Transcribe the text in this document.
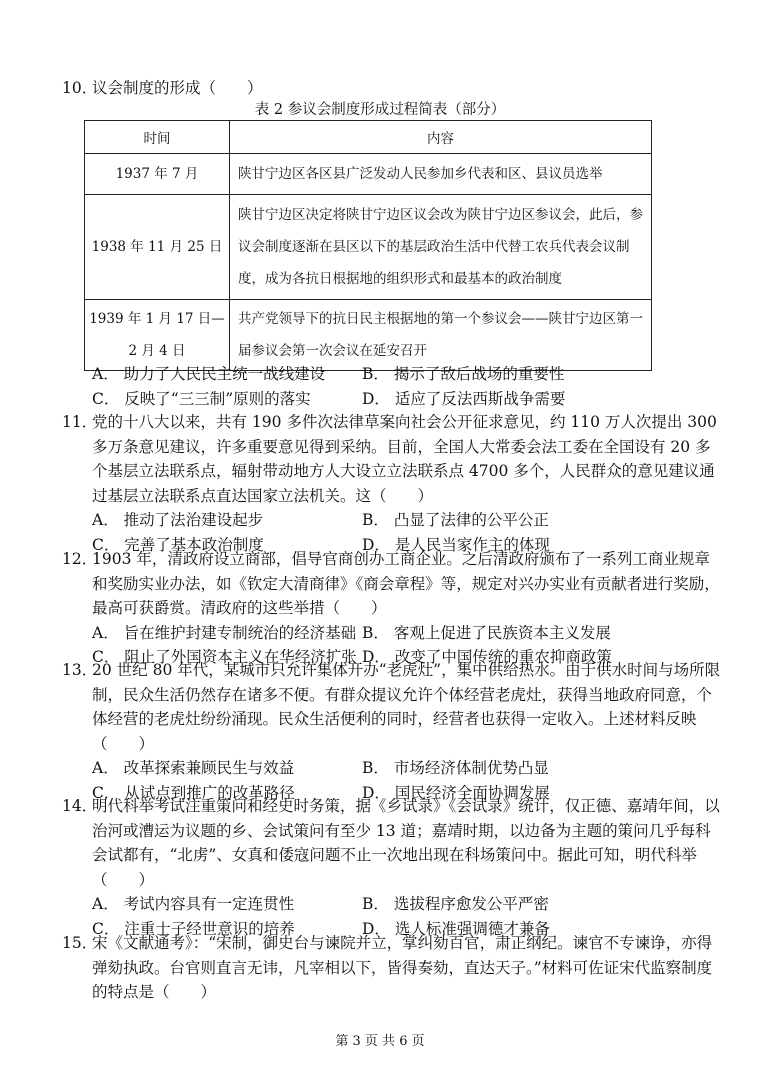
10．议会制度的形成（　　）

表 2 参议会制度形成过程简表（部分）
时间	内容
1937 年 7 月	陕甘宁边区各区县广泛发动人民参加乡代表和区、县议员选举
1938 年 11 月 25 日	陕甘宁边区决定将陕甘宁边区议会改为陕甘宁边区参议会，此后，参议会制度逐渐在县区以下的基层政治生活中代替工农兵代表会议制度，成为各抗日根据地的组织形式和最基本的政治制度
1939 年 1 月 17 日—
2 月 4 日	共产党领导下的抗日民主根据地的第一个参议会——陕甘宁边区第一届参议会第一次会议在延安召开
A． 助力了人民民主统一战线建设	B． 揭示了敌后战场的重要性
C． 反映了“三三制”原则的落实	D． 适应了反法西斯战争需要

11．党的十八大以来，共有 190 多件次法律草案向社会公开征求意见，约 110 万人次提出 300 多万条意见建议，许多重要意见得到采纳。目前，全国人大常委会法工委在全国设有 20 多个基层立法联系点，辐射带动地方人大设立立法联系点 4700 多个，人民群众的意见建议通过基层立法联系点直达国家立法机关。这（　　）

A． 推动了法治建设起步	B． 凸显了法律的公平公正
C． 完善了基本政治制度	D． 是人民当家作主的体现

12．1903 年，清政府设立商部，倡导官商创办工商企业。之后清政府颁布了一系列工商业规章和奖励实业办法，如《钦定大清商律》《商会章程》等，规定对兴办实业有贡献者进行奖励，最高可获爵赏。清政府的这些举措（　　）

A． 旨在维护封建专制统治的经济基础 B． 客观上促进了民族资本主义发展
C． 阻止了外国资本主义在华经济扩张 D． 改变了中国传统的重农抑商政策

13．20 世纪 80 年代，某城市只允许集体开办“老虎灶”，集中供给热水。由于供水时间与场所限制，民众生活仍然存在诸多不便。有群众提议允许个体经营老虎灶，获得当地政府同意，个体经营的老虎灶纷纷涌现。民众生活便利的同时，经营者也获得一定收入。上述材料反映（　　）

A． 改革探索兼顾民生与效益	B． 市场经济体制优势凸显
C． 从试点到推广的改革路径	D． 国民经济全面协调发展

14．明代科举考试注重策问和经史时务策，据《乡试录》《会试录》统计，仅正德、嘉靖年间，以治河或漕运为议题的乡、会试策问有至少 13 道；嘉靖时期，以边备为主题的策问几乎每科会试都有，“北虏”、女真和倭寇问题不止一次地出现在科场策问中。据此可知，明代科举（　　）

A． 考试内容具有一定连贯性	B． 选拔程序愈发公平严密
C． 注重士子经世意识的培养	D． 选人标准强调德才兼备

15．宋《文献通考》：“宋制，御史台与谏院并立，掌纠劾百官，肃正纲纪。谏官不专谏诤，亦得弹劾执政。台官则直言无讳，凡宰相以下，皆得奏劾，直达天子。”材料可佐证宋代监察制度的特点是（　　）

第 3 页 共 6 页
